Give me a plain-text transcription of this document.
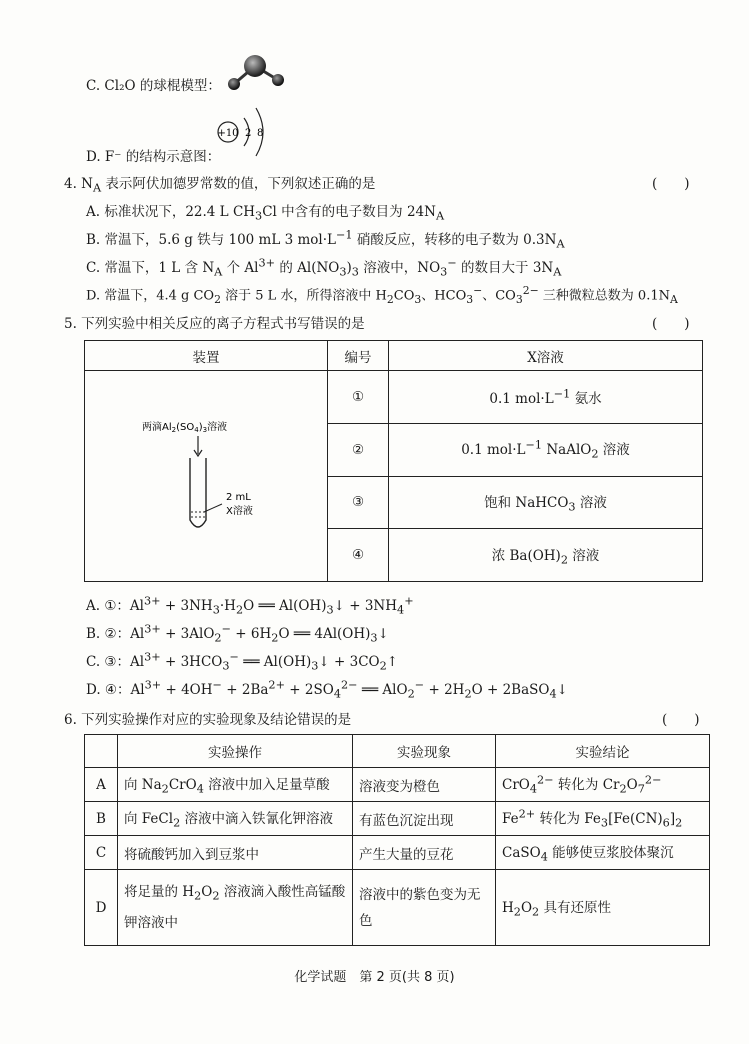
C. Cl₂O 的球棍模型：
+10 2 8
D. F⁻ 的结构示意图：
4. $N_A$ 表示阿伏加德罗常数的值，下列叙述正确的是	(　　)
A. 标准状况下，22.4 L $CH_3Cl$ 中含有的电子数目为 $24N_A$
B. 常温下，5.6 g 铁与 100 mL 3 $mol\cdot L^{-1}$ 硝酸反应，转移的电子数为 $0.3N_A$
C. 常温下，1 L 含 $N_A$ 个 $Al^{3+}$ 的 $Al(NO_3)_3$ 溶液中，$NO_3^-$ 的数目大于 $3N_A$
D. 常温下，4.4 g $CO_2$ 溶于 5 L 水，所得溶液中 $H_2CO_3$、$HCO_3^-$、$CO_3^{2-}$ 三种微粒总数为 $0.1N_A$
5. 下列实验中相关反应的离子方程式书写错误的是	(　　)
装置	编号	X溶液

两滴$Al_2(SO_4)_3$溶液
2 mL
X溶液	①	0.1 $mol\cdot L^{-1}$ 氨水
	②	0.1 $mol\cdot L^{-1}$ NaAlO$_2$ 溶液
	③	饱和 NaHCO$_3$ 溶液
	④	浓 $Ba(OH)_2$ 溶液
A. ①：$Al^{3+} + 3NH_3\cdot H_2O$ ══ $Al(OH)_3↓ + 3NH_4^+$
B. ②：$Al^{3+} + 3AlO_2^- + 6H_2O$ ══ $4Al(OH)_3↓$
C. ③：$Al^{3+} + 3HCO_3^-$ ══ $Al(OH)_3↓$ + $3CO_2↑$
D. ④：$Al^{3+} + 4OH^- + 2Ba^{2+} + 2SO_4^{2-}$ ══ $AlO_2^- + 2H_2O$ + 2BaSO$_4$↓
6. 下列实验操作对应的实验现象及结论错误的是	(　　)
	实验操作	实验现象	实验结论
A	向 $Na_2CrO_4$ 溶液中加入足量草酸	溶液变为橙色	CrO$_4^{2-}$ 转化为 $Cr_2O_7^{2-}$
B	向 FeCl$_2$ 溶液中滴入铁氰化钾溶液	有蓝色沉淀出现	$Fe^{2+}$ 转化为 $Fe_3[Fe(CN)_6]_2$
C	将硫酸钙加入到豆浆中	产生大量的豆花	CaSO$_4$ 能够使豆浆胶体聚沉
D	将足量的 $H_2O_2$ 溶液滴入酸性高锰酸钾溶液中	溶液中的紫色变为无色	$H_2O_2$ 具有还原性
化学试题　第 2 页(共 8 页)
